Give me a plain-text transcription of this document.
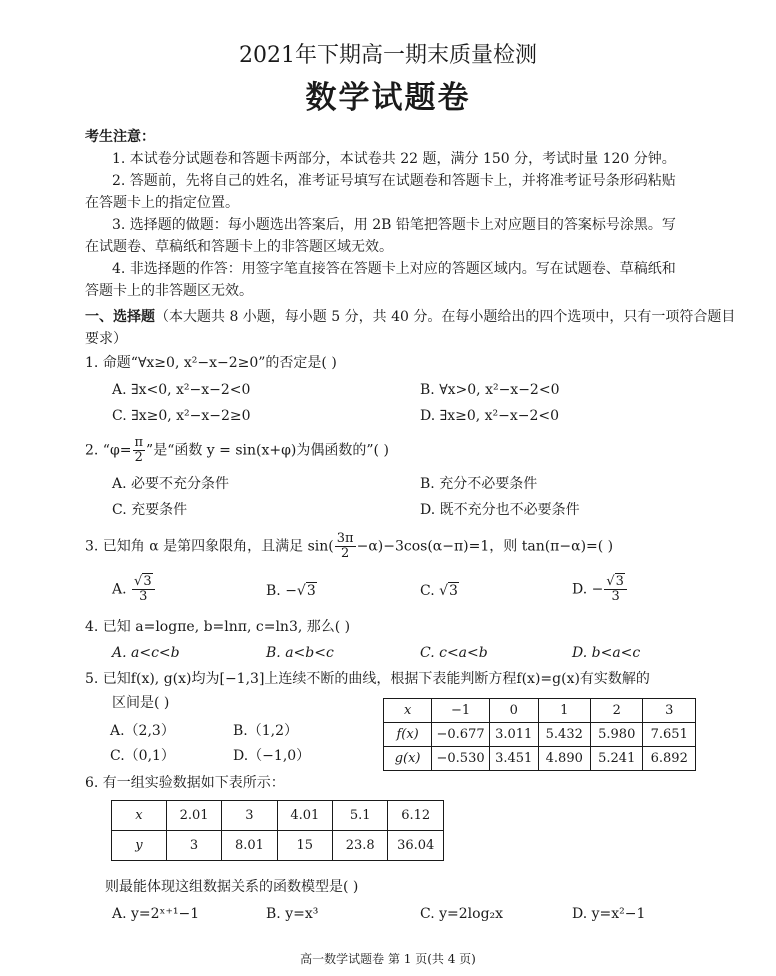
2021年下期高一期末质量检测
数学试题卷
考生注意：
1. 本试卷分试题卷和答题卡两部分，本试卷共 22 题，满分 150 分，考试时量 120 分钟。
2. 答题前，先将自己的姓名，准考证号填写在试题卷和答题卡上，并将准考证号条形码粘贴
在答题卡上的指定位置。
3. 选择题的做题：每小题选出答案后，用 2B 铅笔把答题卡上对应题目的答案标号涂黑。写
在试题卷、草稿纸和答题卡上的非答题区域无效。
4. 非选择题的作答：用签字笔直接答在答题卡上对应的答题区域内。写在试题卷、草稿纸和
答题卡上的非答题区无效。
一、选择题（本大题共 8 小题，每小题 5 分，共 40 分。在每小题给出的四个选项中，只有一项符合题目
要求）
1. 命题“∀x≥0, x²−x−2≥0”的否定是( )
A. ∃x<0, x²−x−2<0	B. ∀x>0, x²−x−2<0
C. ∃x≥0, x²−x−2≥0	D. ∃x≥0, x²−x−2<0
2. “$\varphi= \frac{\pi}{2}$ ”是“函数 y = sin(x+φ)为偶函数的”( )
A. 必要不充分条件	B. 充分不必要条件
C. 充要条件	D. 既不充分也不必要条件
3. 已知角 α 是第四象限角，且满足 $\sin( \frac{3\pi}{2} -\alpha)-3\cos(\alpha-\pi)=1$，则 tan(π−α)=( )
A. $\frac{√3}{3}$	B. −√3	C. √3	D. − $\frac{√3}{3}$
4. 已知 a=logπe, b=lnπ, c=ln3, 那么( )
A. a<c<b	B. a<b<c	C. c<a<b	D. b<a<c
5. 已知f(x), g(x)均为[−1,3]上连续不断的曲线，根据下表能判断方程f(x)=g(x)有实数解的
区间是( )
A.（2,3）	B.（1,2）
C.（0,1）	D.（−1,0）
x	−1	0	1	2	3
f(x)	−0.677	3.011	5.432	5.980	7.651
g(x)	−0.530	3.451	4.890	5.241	6.892
6. 有一组实验数据如下表所示：
x	2.01	3	4.01	5.1	6.12
y	3	8.01	15	23.8	36.04
则最能体现这组数据关系的函数模型是( )
A. y=2ˣ⁺¹−1	B. y=x³	C. y=2log₂x	D. y=x²−1
高一数学试题卷 第 1 页(共 4 页)
